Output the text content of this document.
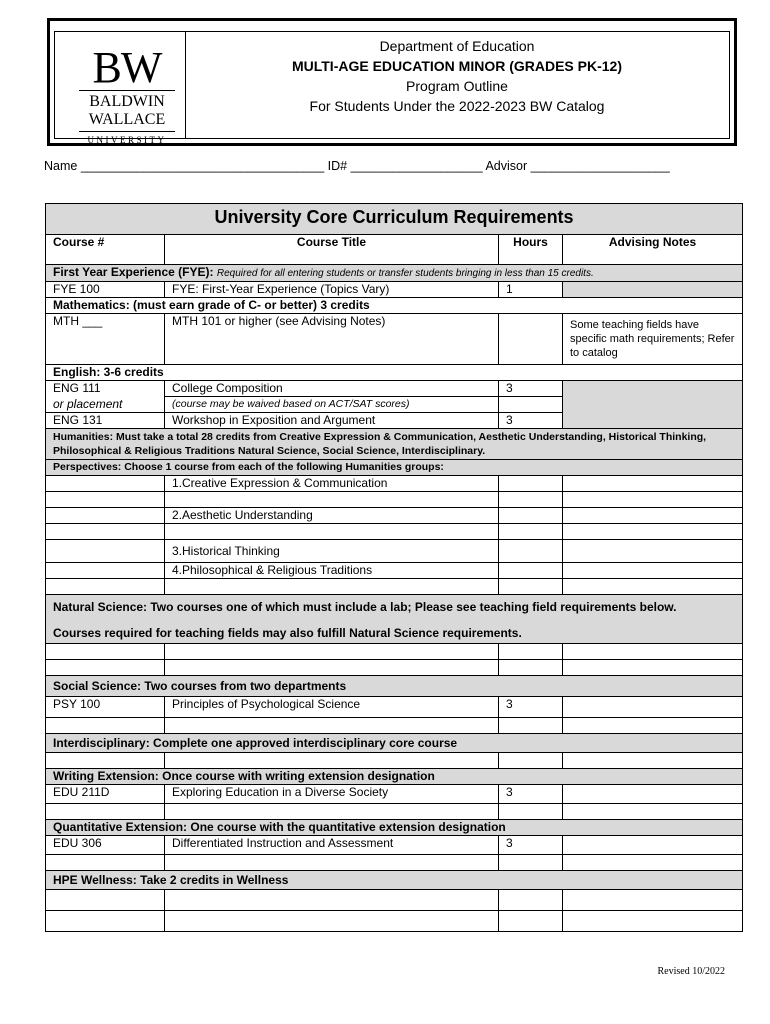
BW
BALDWIN
WALLACE
UNIVERSITY
Department of Education
MULTI-AGE EDUCATION MINOR (GRADES PK-12)
Program Outline
For Students Under the 2022-2023 BW Catalog
Name ___________________________________ ID# ___________________ Advisor ____________________
University Core Curriculum Requirements			
Course #	Course Title	Hours	Advising Notes
First Year Experience (FYE): Required for all entering students or transfer students bringing in less than 15 credits.			
FYE 100	FYE: First-Year Experience (Topics Vary)	1	
Mathematics: (must earn grade of C- or better) 3 credits			
MTH ___	MTH 101 or higher (see Advising Notes)		Some teaching fields have specific math requirements; Refer to catalog
English: 3-6 credits			
ENG 111	College Composition	3	
or placement	(course may be waived based on ACT/SAT scores)		
ENG 131	Workshop in Exposition and Argument	3	
Humanities: Must take a total 28 credits from Creative Expression & Communication, Aesthetic Understanding, Historical Thinking, Philosophical & Religious Traditions Natural Science, Social Science, Interdisciplinary.			
Perspectives: Choose 1 course from each of the following Humanities groups:			
	1.Creative Expression & Communication		

	2.Aesthetic Understanding		

	3.Historical Thinking		
	4.Philosophical & Religious Traditions		

Natural Science: Two courses one of which must include a lab; Please see teaching field requirements below.
Courses required for teaching fields may also fulfill Natural Science requirements.			

Social Science: Two courses from two departments			
PSY 100	Principles of Psychological Science	3	

Interdisciplinary: Complete one approved interdisciplinary core course			

Writing Extension: Once course with writing extension designation			
EDU 211D	Exploring Education in a Diverse Society	3	

Quantitative Extension: One course with the quantitative extension designation			
EDU 306	Differentiated Instruction and Assessment	3	

HPE Wellness: Take 2 credits in Wellness			

Revised 10/2022
